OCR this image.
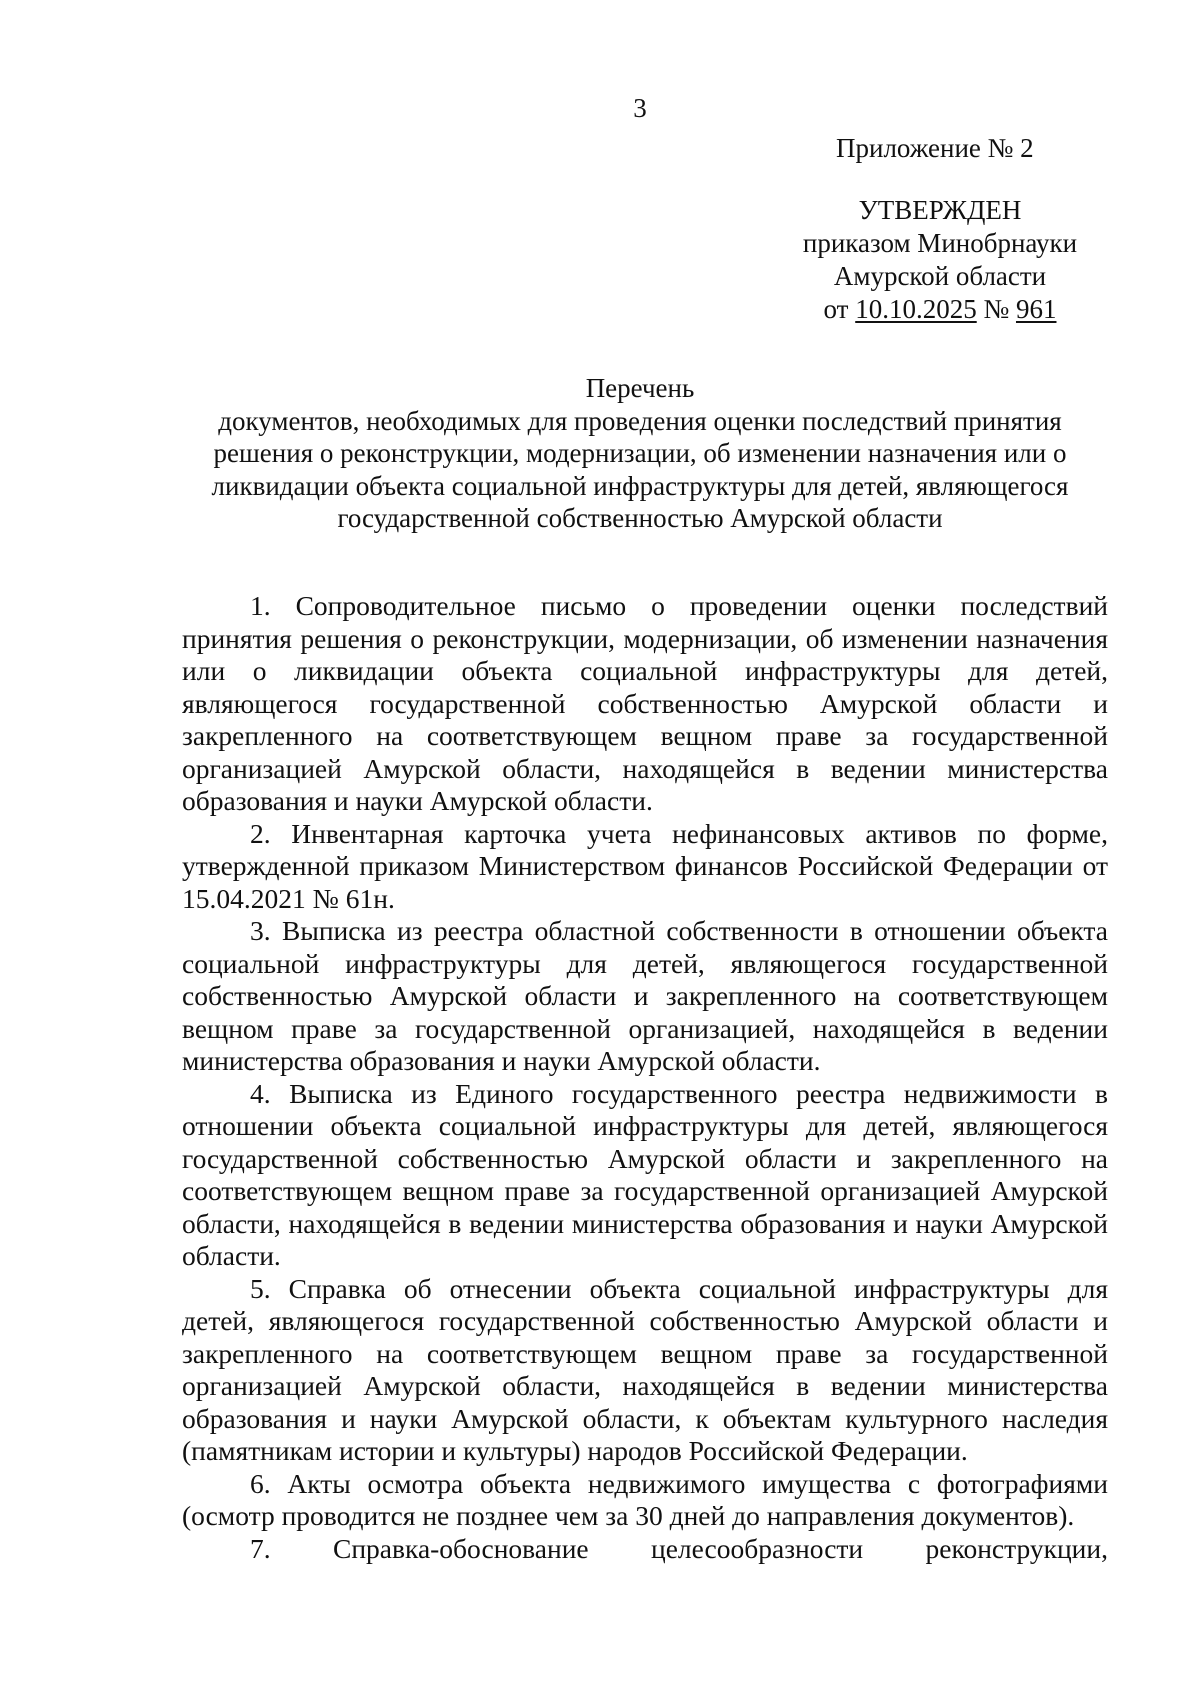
3
Приложение № 2
УТВЕРЖДЕН
приказом Минобрнауки
Амурской области
от 10.10.2025 № 961
Перечень
документов, необходимых для проведения оценки последствий принятия
решения о реконструкции, модернизации, об изменении назначения или о
ликвидации объекта социальной инфраструктуры для детей, являющегося
государственной собственностью Амурской области

1. Сопроводительное письмо о проведении оценки последствий принятия решения о реконструкции, модернизации, об изменении назначения или о ликвидации объекта социальной инфраструктуры для детей, являющегося государственной собственностью Амурской области и закрепленного на соответствующем вещном праве за государственной организацией Амурской области, находящейся в ведении министерства образования и науки Амурской области.

2. Инвентарная карточка учета нефинансовых активов по форме, утвержденной приказом Министерством финансов Российской Федерации от 15.04.2021 № 61н.

3. Выписка из реестра областной собственности в отношении объекта социальной инфраструктуры для детей, являющегося государственной собственностью Амурской области и закрепленного на соответствующем вещном праве за государственной организацией, находящейся в ведении министерства образования и науки Амурской области.

4. Выписка из Единого государственного реестра недвижимости в отношении объекта социальной инфраструктуры для детей, являющегося государственной собственностью Амурской области и закрепленного на соответствующем вещном праве за государственной организацией Амурской области, находящейся в ведении министерства образования и науки Амурской области.

5. Справка об отнесении объекта социальной инфраструктуры для детей, являющегося государственной собственностью Амурской области и закрепленного на соответствующем вещном праве за государственной организацией Амурской области, находящейся в ведении министерства образования и науки Амурской области, к объектам культурного наследия (памятникам истории и культуры) народов Российской Федерации.

6. Акты осмотра объекта недвижимого имущества с фотографиями (осмотр проводится не позднее чем за 30 дней до направления документов).

7. Справка-обоснование целесообразности реконструкции,
